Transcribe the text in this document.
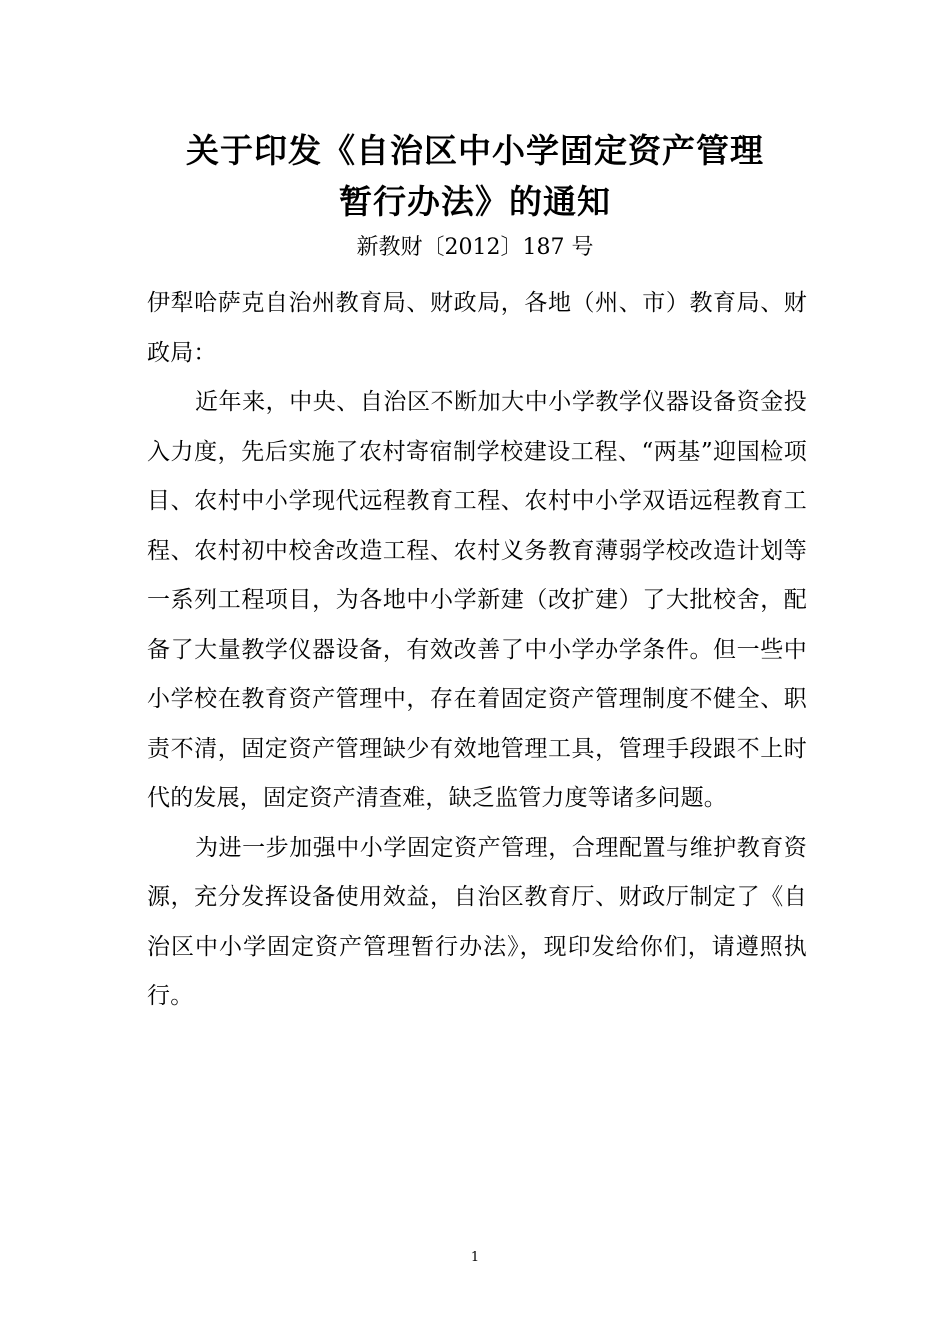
关于印发《自治区中小学固定资产管理
暂行办法》的通知

新教财〔2012〕187 号

伊犁哈萨克自治州教育局、财政局，各地（州、市）教育局、财政局：

近年来，中央、自治区不断加大中小学教学仪器设备资金投入力度，先后实施了农村寄宿制学校建设工程、“两基”迎国检项目、农村中小学现代远程教育工程、农村中小学双语远程教育工程、农村初中校舍改造工程、农村义务教育薄弱学校改造计划等一系列工程项目，为各地中小学新建（改扩建）了大批校舍，配备了大量教学仪器设备，有效改善了中小学办学条件。但一些中小学校在教育资产管理中，存在着固定资产管理制度不健全、职责不清，固定资产管理缺少有效地管理工具，管理手段跟不上时代的发展，固定资产清查难，缺乏监管力度等诸多问题。

为进一步加强中小学固定资产管理，合理配置与维护教育资源，充分发挥设备使用效益，自治区教育厅、财政厅制定了《自治区中小学固定资产管理暂行办法》，现印发给你们，请遵照执行。

1
